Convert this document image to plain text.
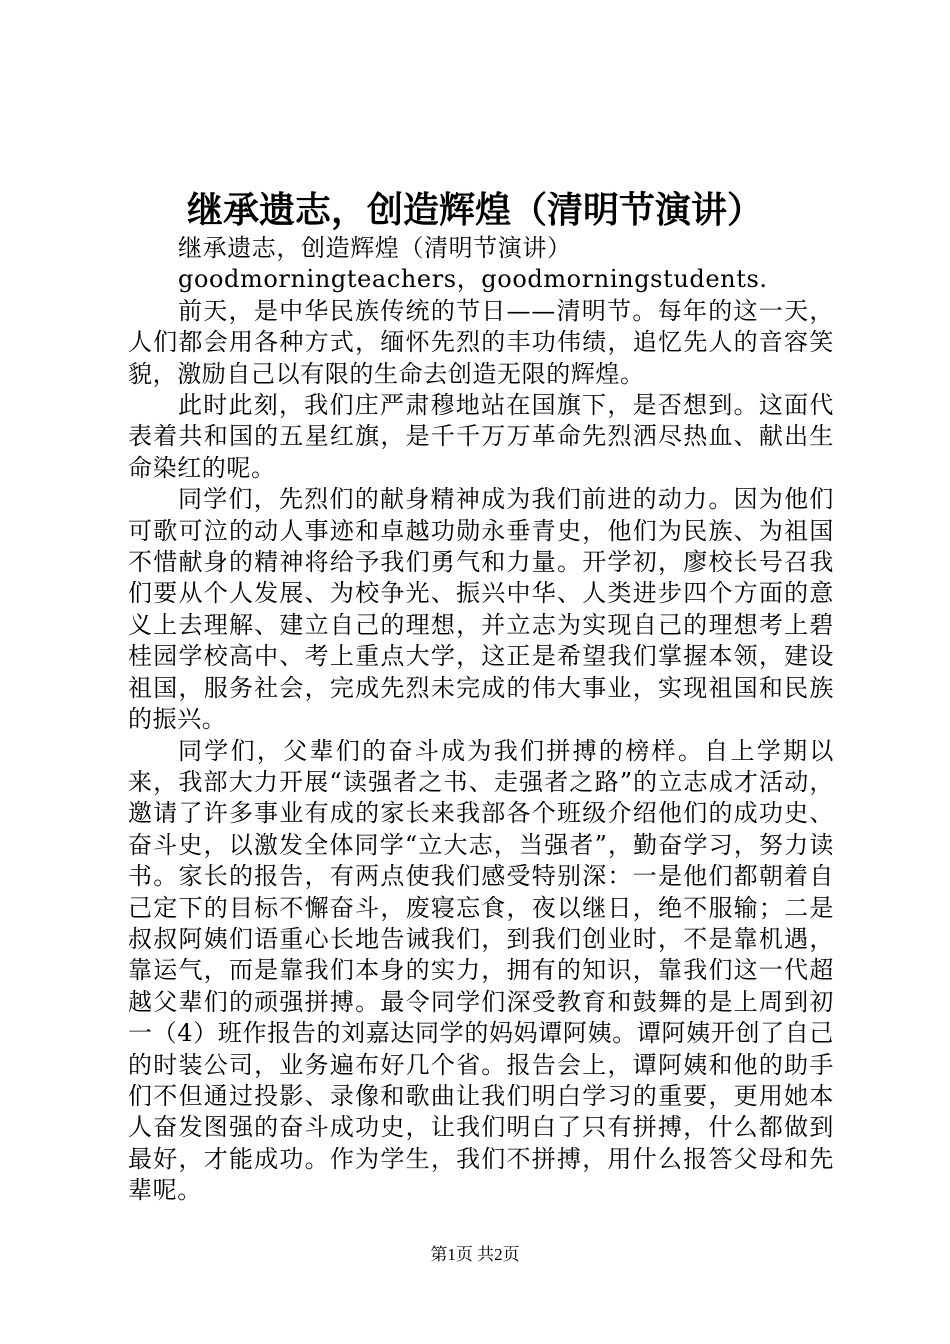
继承遗志，创造辉煌（清明节演讲）

继承遗志，创造辉煌（清明节演讲）

goodmorningteachers，goodmorningstudents.

前天，是中华民族传统的节日——清明节。每年的这一天，人们都会用各种方式，缅怀先烈的丰功伟绩，追忆先人的音容笑貌，激励自己以有限的生命去创造无限的辉煌。

此时此刻，我们庄严肃穆地站在国旗下，是否想到。这面代表着共和国的五星红旗，是千千万万革命先烈洒尽热血、献出生命染红的呢。

同学们，先烈们的献身精神成为我们前进的动力。因为他们可歌可泣的动人事迹和卓越功勋永垂青史，他们为民族、为祖国不惜献身的精神将给予我们勇气和力量。开学初，廖校长号召我们要从个人发展、为校争光、振兴中华、人类进步四个方面的意义上去理解、建立自己的理想，并立志为实现自己的理想考上碧桂园学校高中、考上重点大学，这正是希望我们掌握本领，建设祖国，服务社会，完成先烈未完成的伟大事业，实现祖国和民族的振兴。

同学们，父辈们的奋斗成为我们拼搏的榜样。自上学期以来，我部大力开展“读强者之书、走强者之路”的立志成才活动，邀请了许多事业有成的家长来我部各个班级介绍他们的成功史、奋斗史，以激发全体同学“立大志，当强者”，勤奋学习，努力读书。家长的报告，有两点使我们感受特别深：一是他们都朝着自己定下的目标不懈奋斗，废寝忘食，夜以继日，绝不服输；二是叔叔阿姨们语重心长地告诫我们，到我们创业时，不是靠机遇，靠运气，而是靠我们本身的实力，拥有的知识，靠我们这一代超越父辈们的顽强拼搏。最令同学们深受教育和鼓舞的是上周到初一（4）班作报告的刘嘉达同学的妈妈谭阿姨。谭阿姨开创了自己的时装公司，业务遍布好几个省。报告会上，谭阿姨和他的助手们不但通过投影、录像和歌曲让我们明白学习的重要，更用她本人奋发图强的奋斗成功史，让我们明白了只有拼搏，什么都做到最好，才能成功。作为学生，我们不拼搏，用什么报答父母和先辈呢。

第1页 共2页
